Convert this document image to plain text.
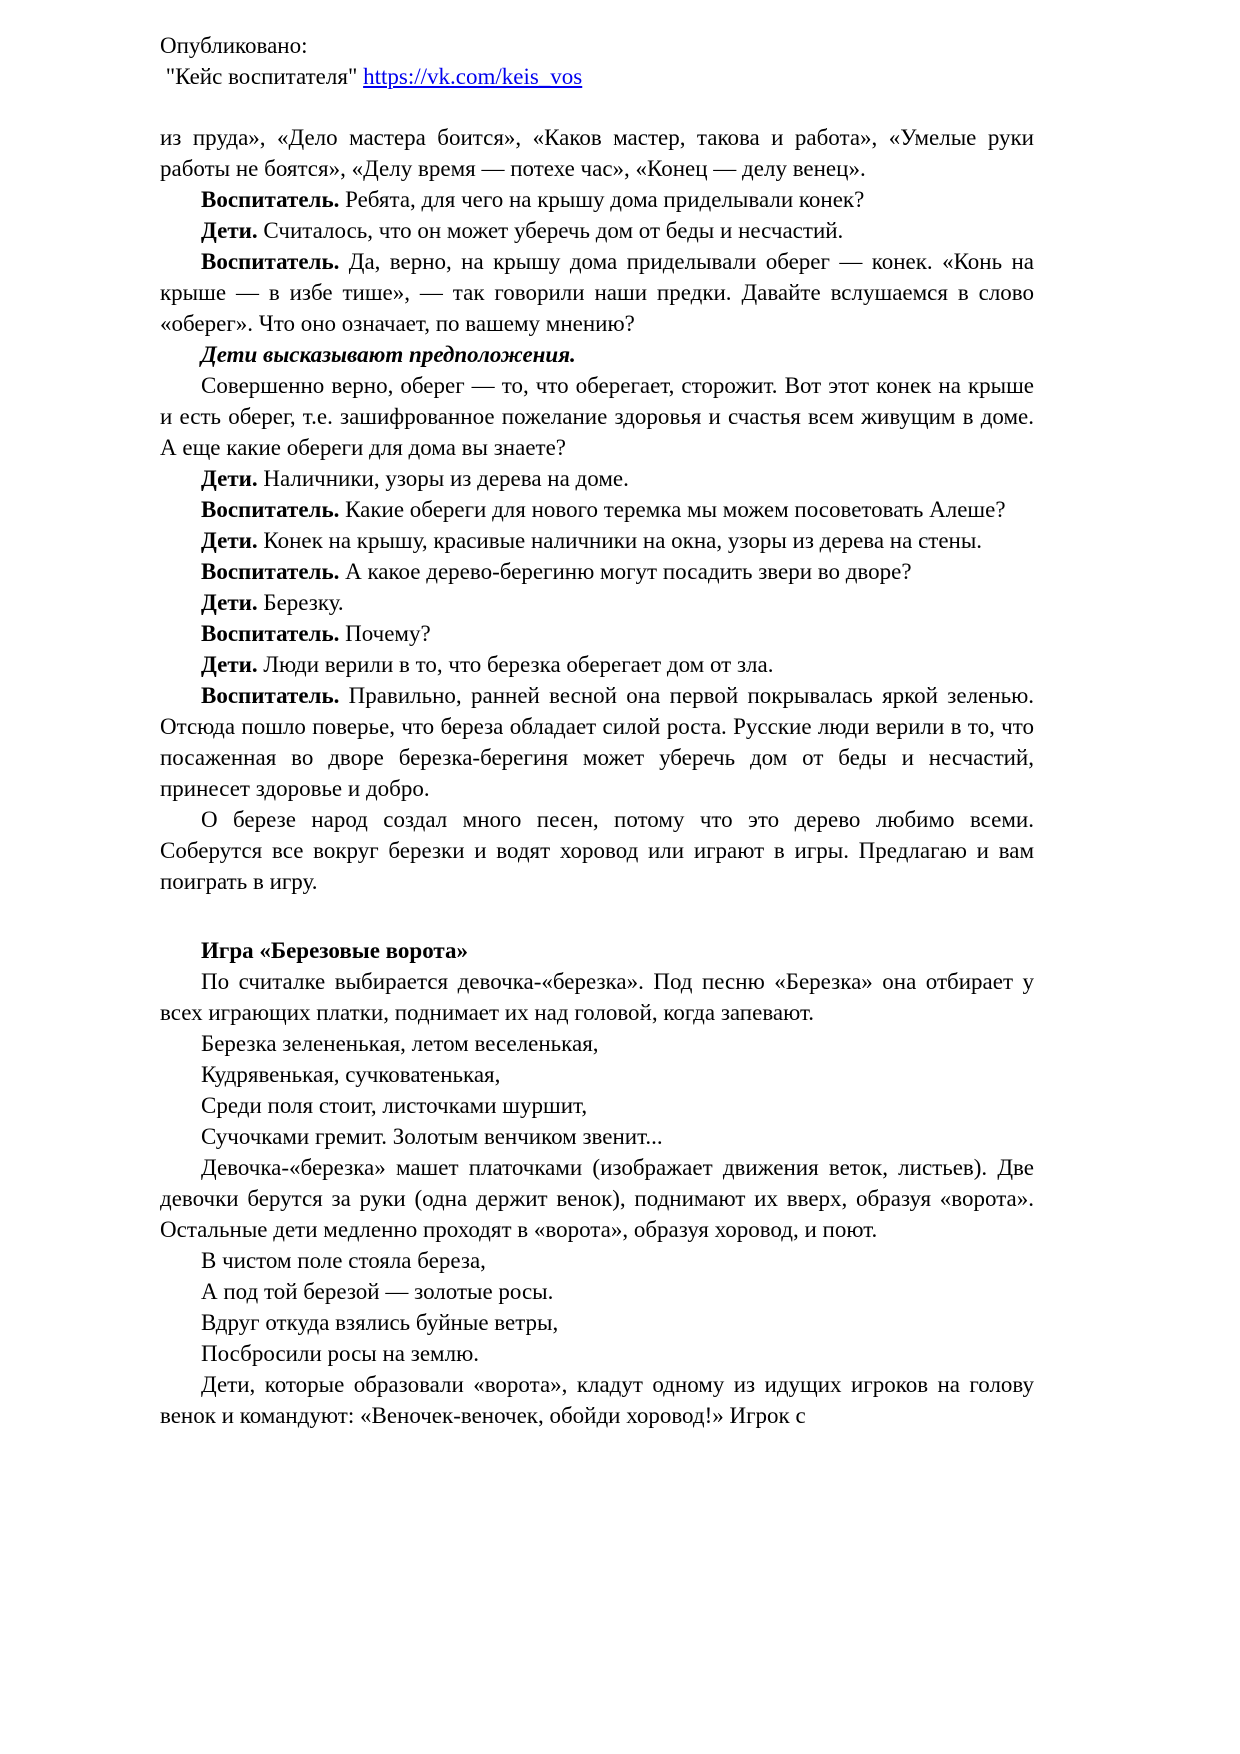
Опубликовано:

"Кейс воспитателя" https://vk.com/keis_vos

из пруда», «Дело мастера боится», «Каков мастер, такова и работа», «Умелые руки работы не боятся», «Делу время — потехе час», «Конец — делу венец».

Воспитатель. Ребята, для чего на крышу дома приделывали конек?

Дети. Считалось, что он может уберечь дом от беды и несчастий.

Воспитатель. Да, верно, на крышу дома приделывали оберег — конек. «Конь на крыше — в избе тише», — так говорили наши предки. Давайте вслушаемся в слово «оберег». Что оно означает, по вашему мнению?

Дети высказывают предположения.

Совершенно верно, оберег — то, что оберегает, сторожит. Вот этот конек на крыше и есть оберег, т.е. зашифрованное пожелание здоровья и счастья всем живущим в доме. А еще какие обереги для дома вы знаете?

Дети. Наличники, узоры из дерева на доме.

Воспитатель. Какие обереги для нового теремка мы можем посоветовать Алеше?

Дети. Конек на крышу, красивые наличники на окна, узоры из дерева на стены.

Воспитатель. А какое дерево-берегиню могут посадить звери во дворе?

Дети. Березку.

Воспитатель. Почему?

Дети. Люди верили в то, что березка оберегает дом от зла.

Воспитатель. Правильно, ранней весной она первой покрывалась яркой зеленью. Отсюда пошло поверье, что береза обладает силой роста. Русские люди верили в то, что посаженная во дворе березка-берегиня может уберечь дом от беды и несчастий, принесет здоровье и добро.

О березе народ создал много песен, потому что это дерево любимо всеми. Соберутся все вокруг березки и водят хоровод или играют в игры. Предлагаю и вам поиграть в игру.

Игра «Березовые ворота»

По считалке выбирается девочка-«березка». Под песню «Березка» она отбирает у всех играющих платки, поднимает их над головой, когда запевают.

Березка зелененькая, летом веселенькая,

Кудрявенькая, сучковатенькая,

Среди поля стоит, листочками шуршит,

Сучочками гремит. Золотым венчиком звенит...

Девочка-«березка» машет платочками (изображает движения веток, листьев). Две девочки берутся за руки (одна держит венок), поднимают их вверх, образуя «ворота». Остальные дети медленно проходят в «ворота», образуя хоровод, и поют.

В чистом поле стояла береза,

А под той березой — золотые росы.

Вдруг откуда взялись буйные ветры,

Посбросили росы на землю.

Дети, которые образовали «ворота», кладут одному из идущих игроков на голову венок и командуют: «Веночек-веночек, обойди хоровод!» Игрок с
